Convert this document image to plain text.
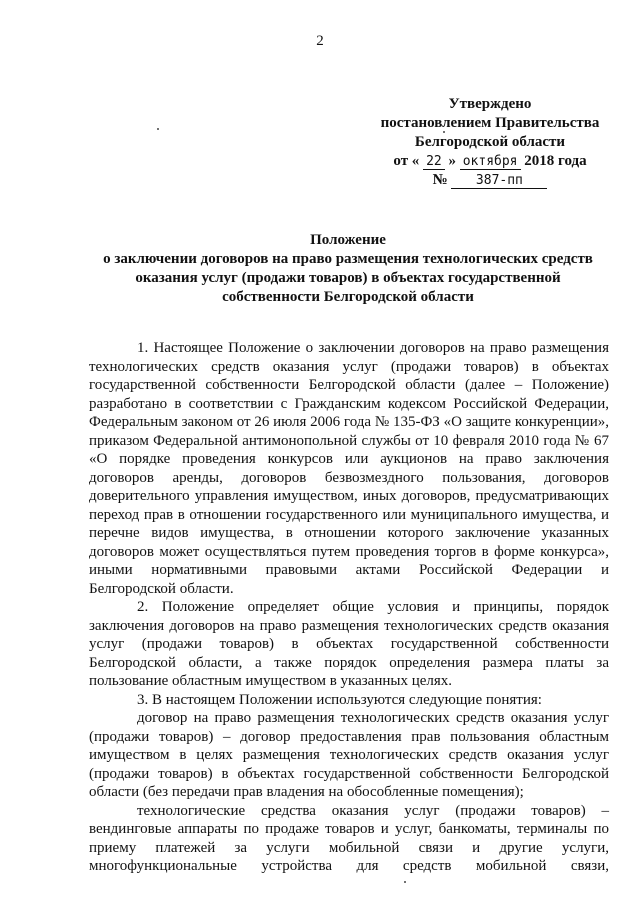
2
Утверждено
постановлением Правительства
Белгородской области
от « 22 » октября 2018 года
№ 387-пп
Положение
о заключении договоров на право размещения технологических средств
оказания услуг (продажи товаров) в объектах государственной
собственности Белгородской области

1. Настоящее Положение о заключении договоров на право размещения технологических средств оказания услуг (продажи товаров) в объектах государственной собственности Белгородской области (далее – Положение) разработано в соответствии с Гражданским кодексом Российской Федерации, Федеральным законом от 26 июля 2006 года № 135-ФЗ «О защите конкуренции», приказом Федеральной антимонопольной службы от 10 февраля 2010 года № 67 «О порядке проведения конкурсов или аукционов на право заключения договоров аренды, договоров безвозмездного пользования, договоров доверительного управления имуществом, иных договоров, предусматривающих переход прав в отношении государственного или муниципального имущества, и перечне видов имущества, в отношении которого заключение указанных договоров может осуществляться путем проведения торгов в форме конкурса», иными нормативными правовыми актами Российской Федерации и Белгородской области.

2. Положение определяет общие условия и принципы, порядок заключения договоров на право размещения технологических средств оказания услуг (продажи товаров) в объектах государственной собственности Белгородской области, а также порядок определения размера платы за пользование областным имуществом в указанных целях.

3. В настоящем Положении используются следующие понятия:

договор на право размещения технологических средств оказания услуг (продажи товаров) – договор предоставления прав пользования областным имуществом в целях размещения технологических средств оказания услуг (продажи товаров) в объектах государственной собственности Белгородской области (без передачи прав владения на обособленные помещения);

технологические средства оказания услуг (продажи товаров) – вендинговые аппараты по продаже товаров и услуг, банкоматы, терминалы по приему платежей за услуги мобильной связи и другие услуги, многофункциональные устройства для средств мобильной связи,
